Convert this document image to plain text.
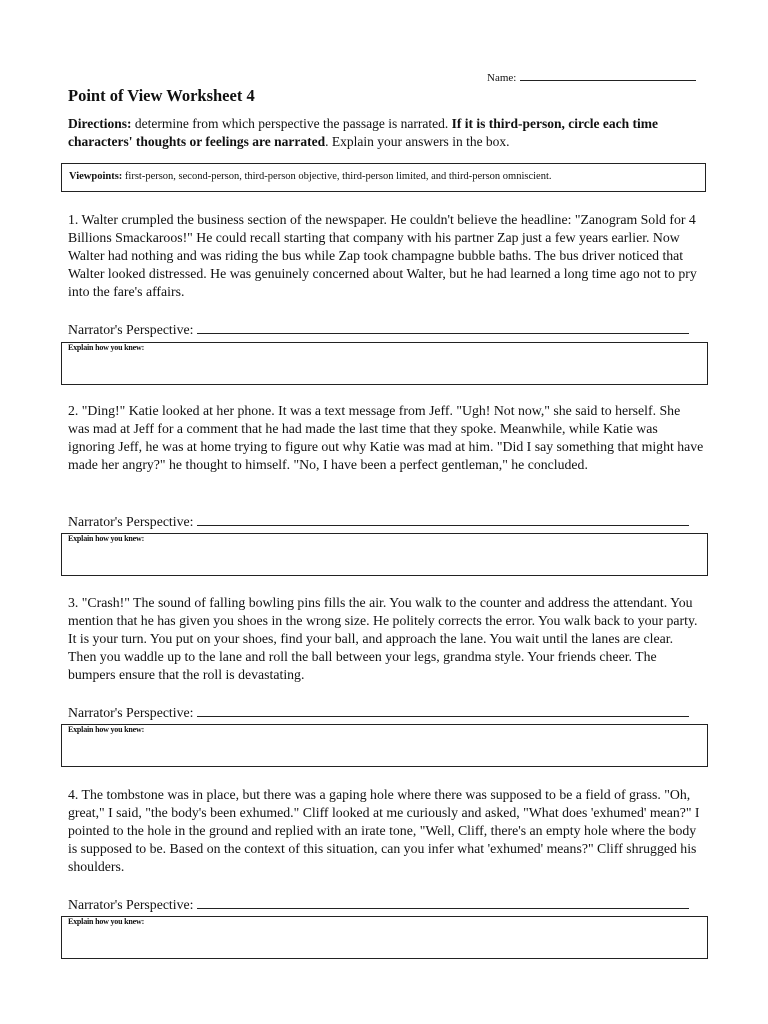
Name:
Point of View Worksheet 4
Directions: determine from which perspective the passage is narrated. If it is third-person, circle each time characters' thoughts or feelings are narrated. Explain your answers in the box.
Viewpoints: first-person, second-person, third-person objective, third-person limited, and third-person omniscient.
1. Walter crumpled the business section of the newspaper. He couldn't believe the headline: "Zanogram Sold for 4 Billions Smackaroos!" He could recall starting that company with his partner Zap just a few years earlier. Now Walter had nothing and was riding the bus while Zap took champagne bubble baths. The bus driver noticed that Walter looked distressed. He was genuinely concerned about Walter, but he had learned a long time ago not to pry into the fare's affairs.
Narrator's Perspective:
Explain how you knew:
2. "Ding!" Katie looked at her phone. It was a text message from Jeff. "Ugh! Not now," she said to herself. She was mad at Jeff for a comment that he had made the last time that they spoke. Meanwhile, while Katie was ignoring Jeff, he was at home trying to figure out why Katie was mad at him. "Did I say something that might have made her angry?" he thought to himself. "No, I have been a perfect gentleman," he concluded.
Narrator's Perspective:
Explain how you knew:
3. "Crash!" The sound of falling bowling pins fills the air. You walk to the counter and address the attendant. You mention that he has given you shoes in the wrong size. He politely corrects the error. You walk back to your party. It is your turn. You put on your shoes, find your ball, and approach the lane. You wait until the lanes are clear. Then you waddle up to the lane and roll the ball between your legs, grandma style. Your friends cheer. The bumpers ensure that the roll is devastating.
Narrator's Perspective:
Explain how you knew:
4. The tombstone was in place, but there was a gaping hole where there was supposed to be a field of grass. "Oh, great," I said, "the body's been exhumed." Cliff looked at me curiously and asked, "What does 'exhumed' mean?" I pointed to the hole in the ground and replied with an irate tone, "Well, Cliff, there's an empty hole where the body is supposed to be. Based on the context of this situation, can you infer what 'exhumed' means?" Cliff shrugged his shoulders.
Narrator's Perspective:
Explain how you knew:
